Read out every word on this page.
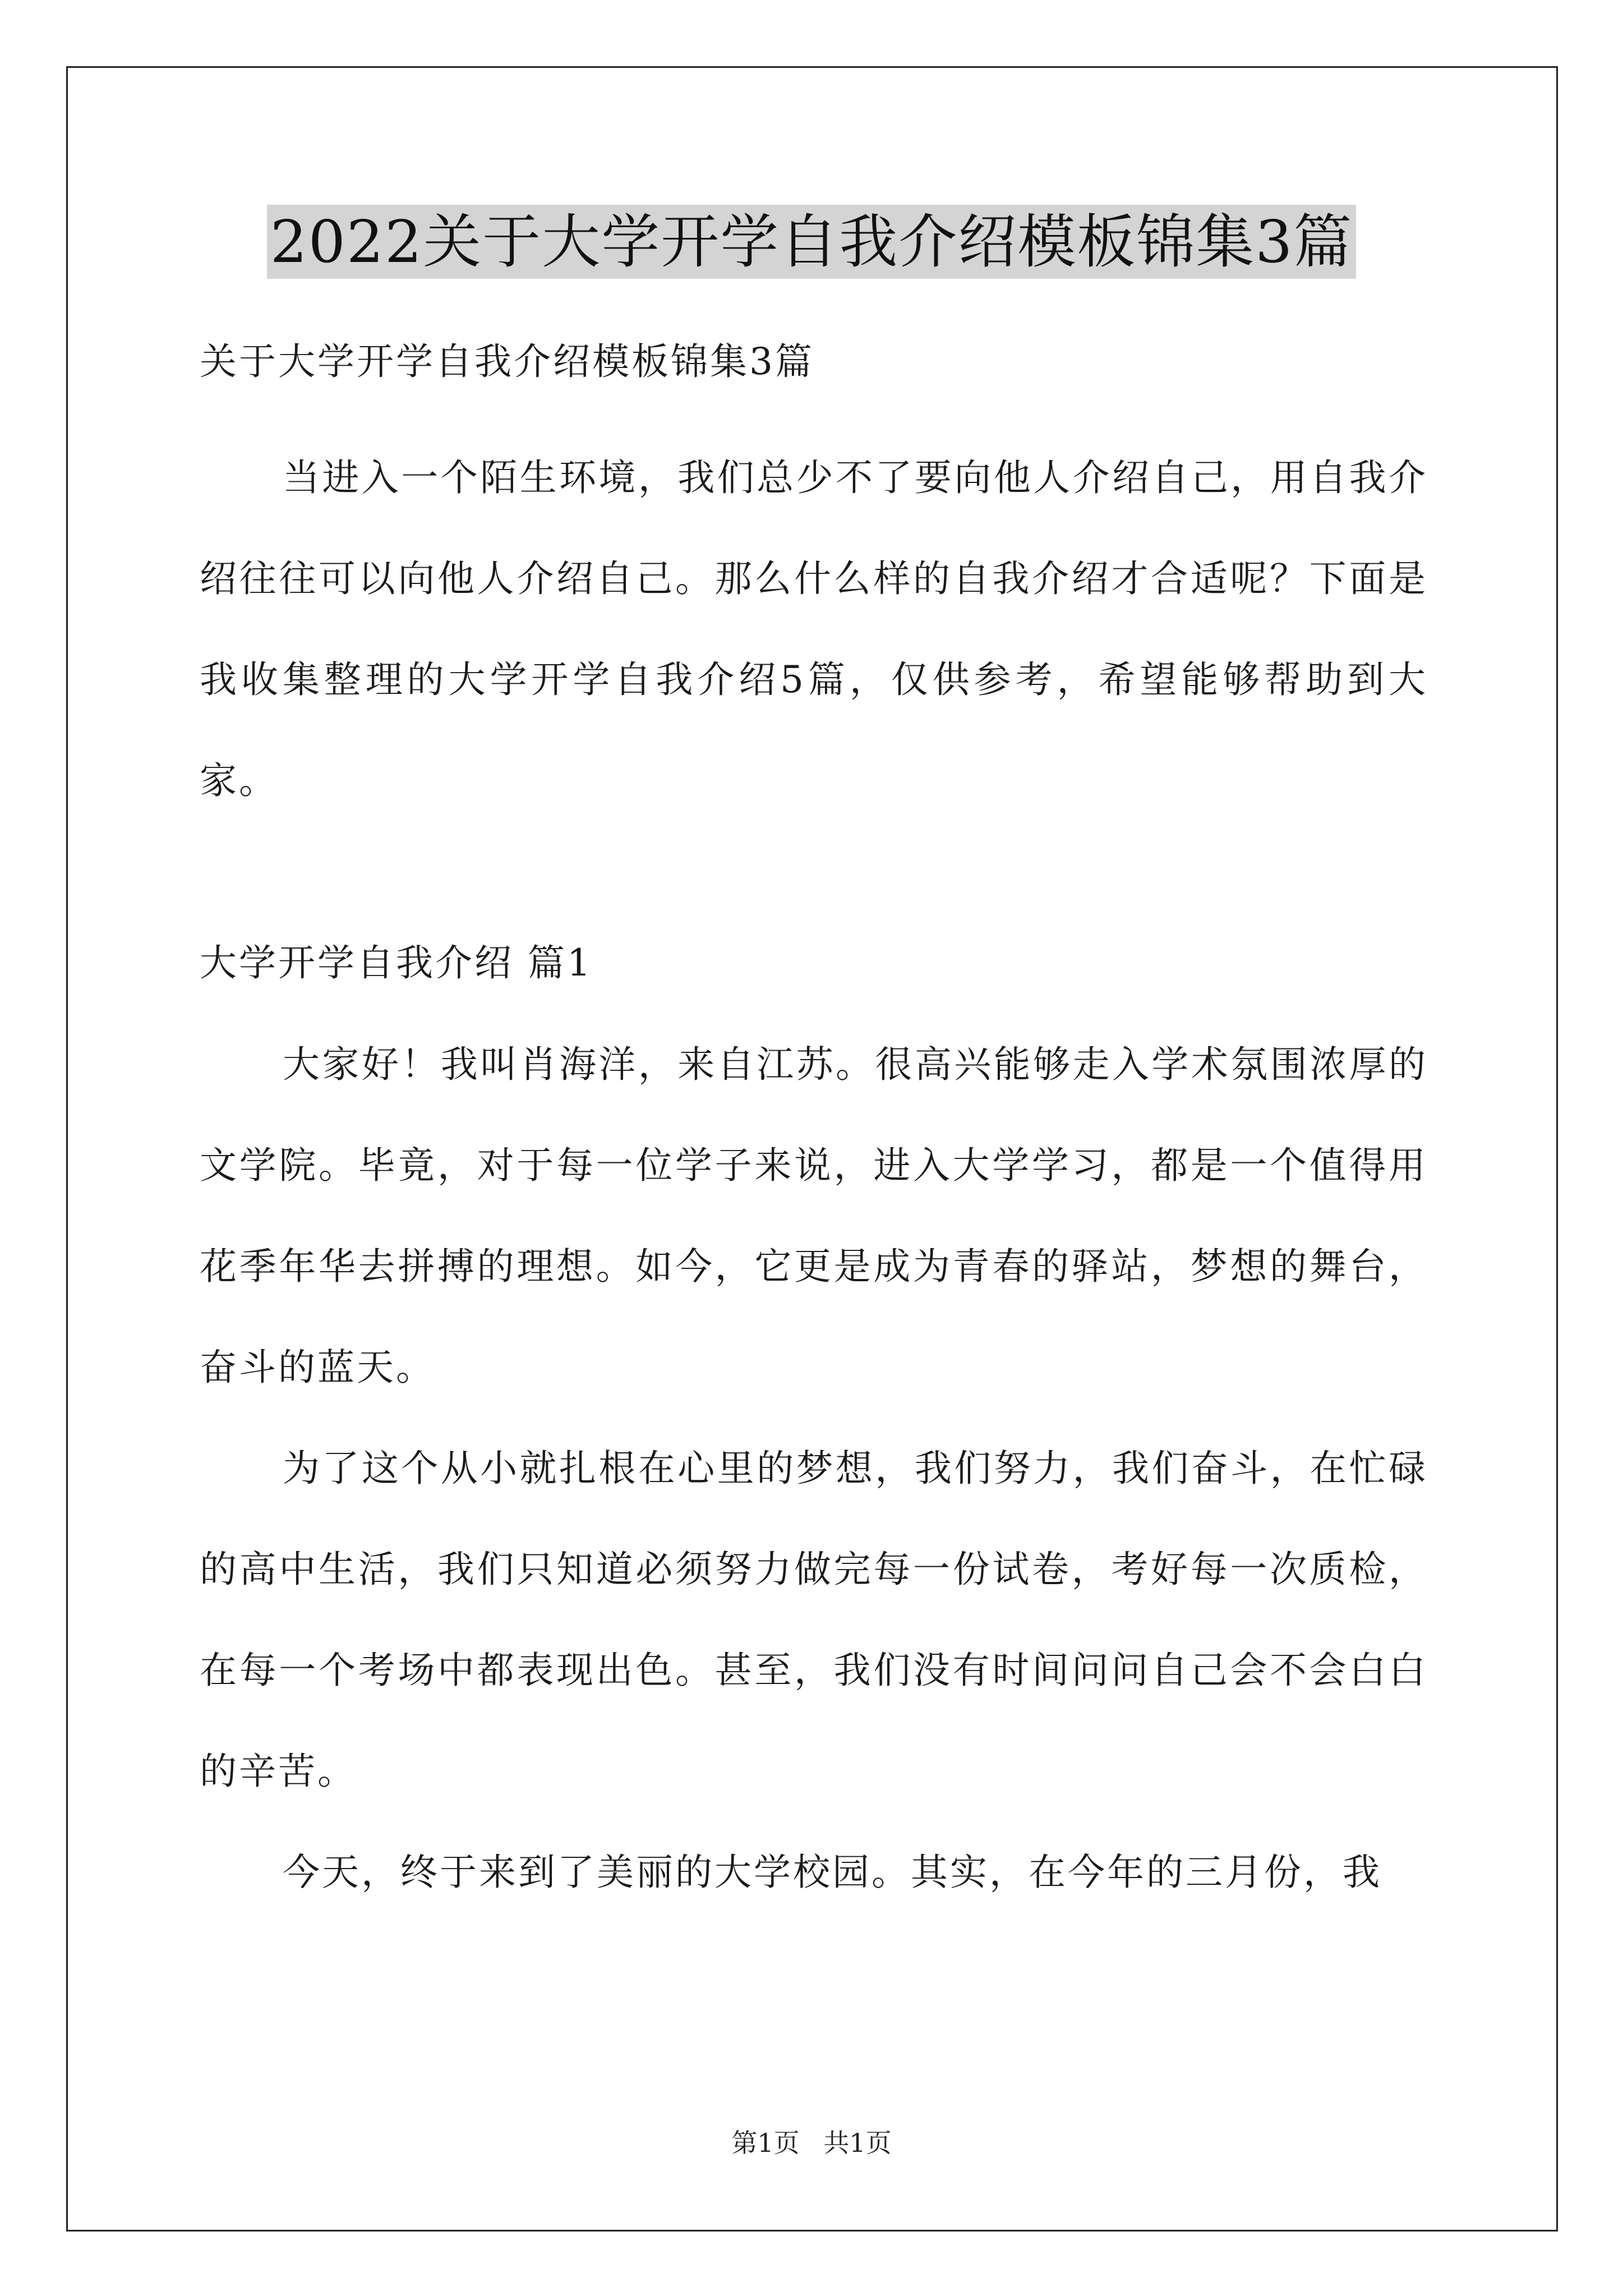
2022关于大学开学自我介绍模板锦集3篇

关于大学开学自我介绍模板锦集3篇

当进入一个陌生环境，我们总少不了要向他人介绍自己，用自我介绍往往可以向他人介绍自己。那么什么样的自我介绍才合适呢？下面是我收集整理的大学开学自我介绍5篇，仅供参考，希望能够帮助到大家。

大学开学自我介绍 篇1

大家好！我叫肖海洋，来自江苏。很高兴能够走入学术氛围浓厚的文学院。毕竟，对于每一位学子来说，进入大学学习，都是一个值得用花季年华去拼搏的理想。如今，它更是成为青春的驿站，梦想的舞台，奋斗的蓝天。

为了这个从小就扎根在心里的梦想，我们努力，我们奋斗，在忙碌的高中生活，我们只知道必须努力做完每一份试卷，考好每一次质检，在每一个考场中都表现出色。甚至，我们没有时间问问自己会不会白白的辛苦。

今天，终于来到了美丽的大学校园。其实，在今年的三月份，我

第1页 共1页
